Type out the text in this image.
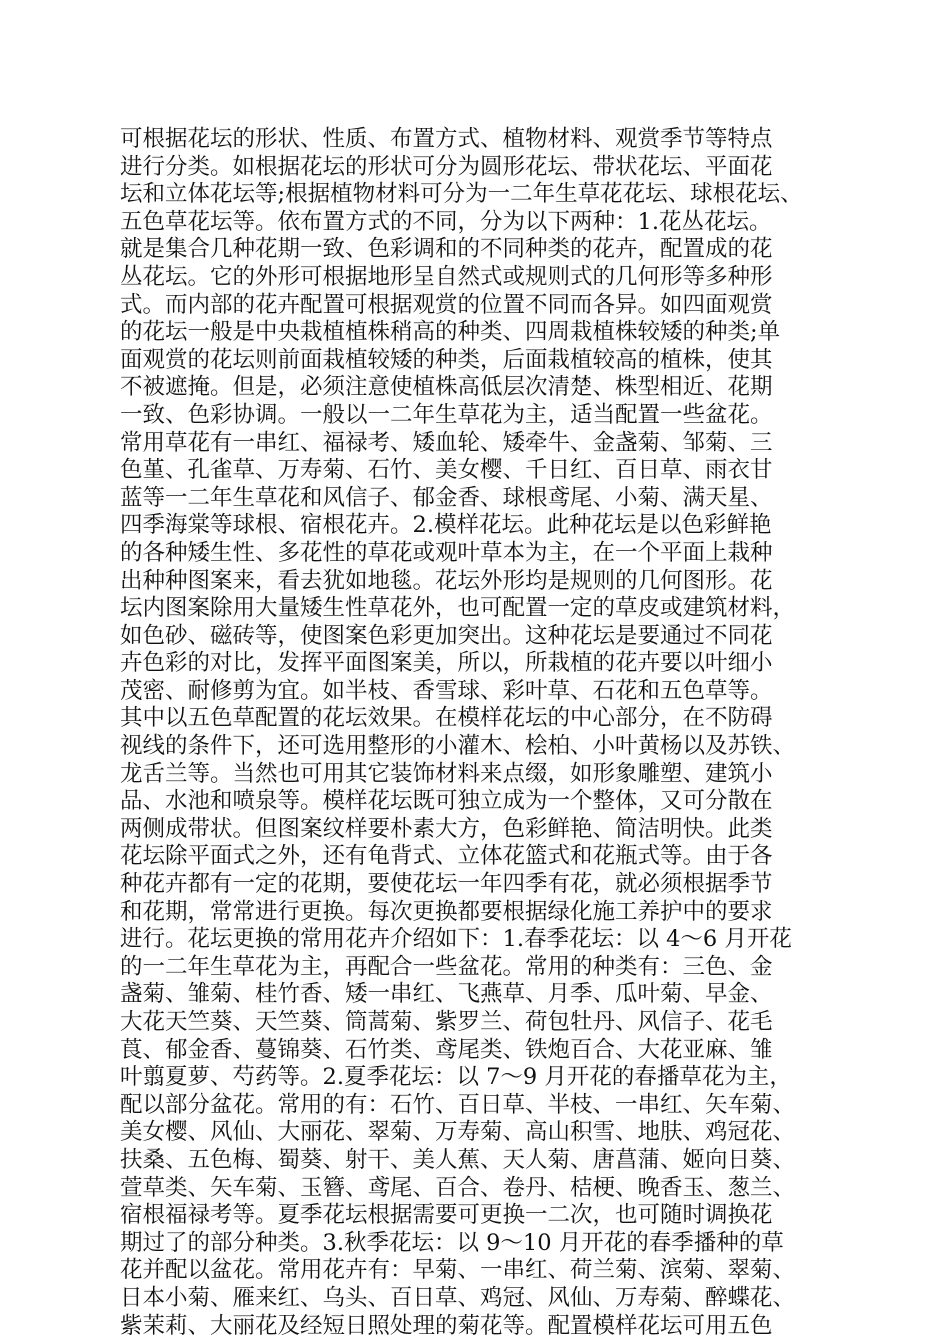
可根据花坛的形状、性质、布置方式、植物材料、观赏季节等特点
进行分类。如根据花坛的形状可分为圆形花坛、带状花坛、平面花
坛和立体花坛等;根据植物材料可分为一二年生草花花坛、球根花坛、
五色草花坛等。依布置方式的不同，分为以下两种：1.花丛花坛。
就是集合几种花期一致、色彩调和的不同种类的花卉，配置成的花
丛花坛。它的外形可根据地形呈自然式或规则式的几何形等多种形
式。而内部的花卉配置可根据观赏的位置不同而各异。如四面观赏
的花坛一般是中央栽植植株稍高的种类、四周栽植株较矮的种类;单
面观赏的花坛则前面栽植较矮的种类，后面栽植较高的植株，使其
不被遮掩。但是，必须注意使植株高低层次清楚、株型相近、花期
一致、色彩协调。一般以一二年生草花为主，适当配置一些盆花。
常用草花有一串红、福禄考、矮血轮、矮牵牛、金盏菊、邹菊、三
色堇、孔雀草、万寿菊、石竹、美女樱、千日红、百日草、雨衣甘
蓝等一二年生草花和风信子、郁金香、球根鸢尾、小菊、满天星、
四季海棠等球根、宿根花卉。2.模样花坛。此种花坛是以色彩鲜艳
的各种矮生性、多花性的草花或观叶草本为主，在一个平面上栽种
出种种图案来，看去犹如地毯。花坛外形均是规则的几何图形。花
坛内图案除用大量矮生性草花外，也可配置一定的草皮或建筑材料，
如色砂、磁砖等，使图案色彩更加突出。这种花坛是要通过不同花
卉色彩的对比，发挥平面图案美，所以，所栽植的花卉要以叶细小
茂密、耐修剪为宜。如半枝、香雪球、彩叶草、石花和五色草等。
其中以五色草配置的花坛效果。在模样花坛的中心部分，在不防碍
视线的条件下，还可选用整形的小灌木、桧柏、小叶黄杨以及苏铁、
龙舌兰等。当然也可用其它装饰材料来点缀，如形象雕塑、建筑小
品、水池和喷泉等。模样花坛既可独立成为一个整体，又可分散在
两侧成带状。但图案纹样要朴素大方，色彩鲜艳、简洁明快。此类
花坛除平面式之外，还有龟背式、立体花篮式和花瓶式等。由于各
种花卉都有一定的花期，要使花坛一年四季有花，就必须根据季节
和花期，常常进行更换。每次更换都要根据绿化施工养护中的要求
进行。花坛更换的常用花卉介绍如下：1.春季花坛：以 4～6 月开花
的一二年生草花为主，再配合一些盆花。常用的种类有：三色、金
盏菊、雏菊、桂竹香、矮一串红、飞燕草、月季、瓜叶菊、早金、
大花天竺葵、天竺葵、筒蒿菊、紫罗兰、荷包牡丹、风信子、花毛
莨、郁金香、蔓锦葵、石竹类、鸢尾类、铁炮百合、大花亚麻、雏
叶翦夏萝、芍药等。2.夏季花坛：以 7～9 月开花的春播草花为主，
配以部分盆花。常用的有：石竹、百日草、半枝、一串红、矢车菊、
美女樱、风仙、大丽花、翠菊、万寿菊、高山积雪、地肤、鸡冠花、
扶桑、五色梅、蜀葵、射干、美人蕉、天人菊、唐菖蒲、姬向日葵、
萱草类、矢车菊、玉簪、鸢尾、百合、卷丹、桔梗、晚香玉、葱兰、
宿根福禄考等。夏季花坛根据需要可更换一二次，也可随时调换花
期过了的部分种类。3.秋季花坛：以 9～10 月开花的春季播种的草
花并配以盆花。常用花卉有：早菊、一串红、荷兰菊、滨菊、翠菊、
日本小菊、雁来红、乌头、百日草、鸡冠、风仙、万寿菊、醉蝶花、
紫茉莉、大丽花及经短日照处理的菊花等。配置模样花坛可用五色
